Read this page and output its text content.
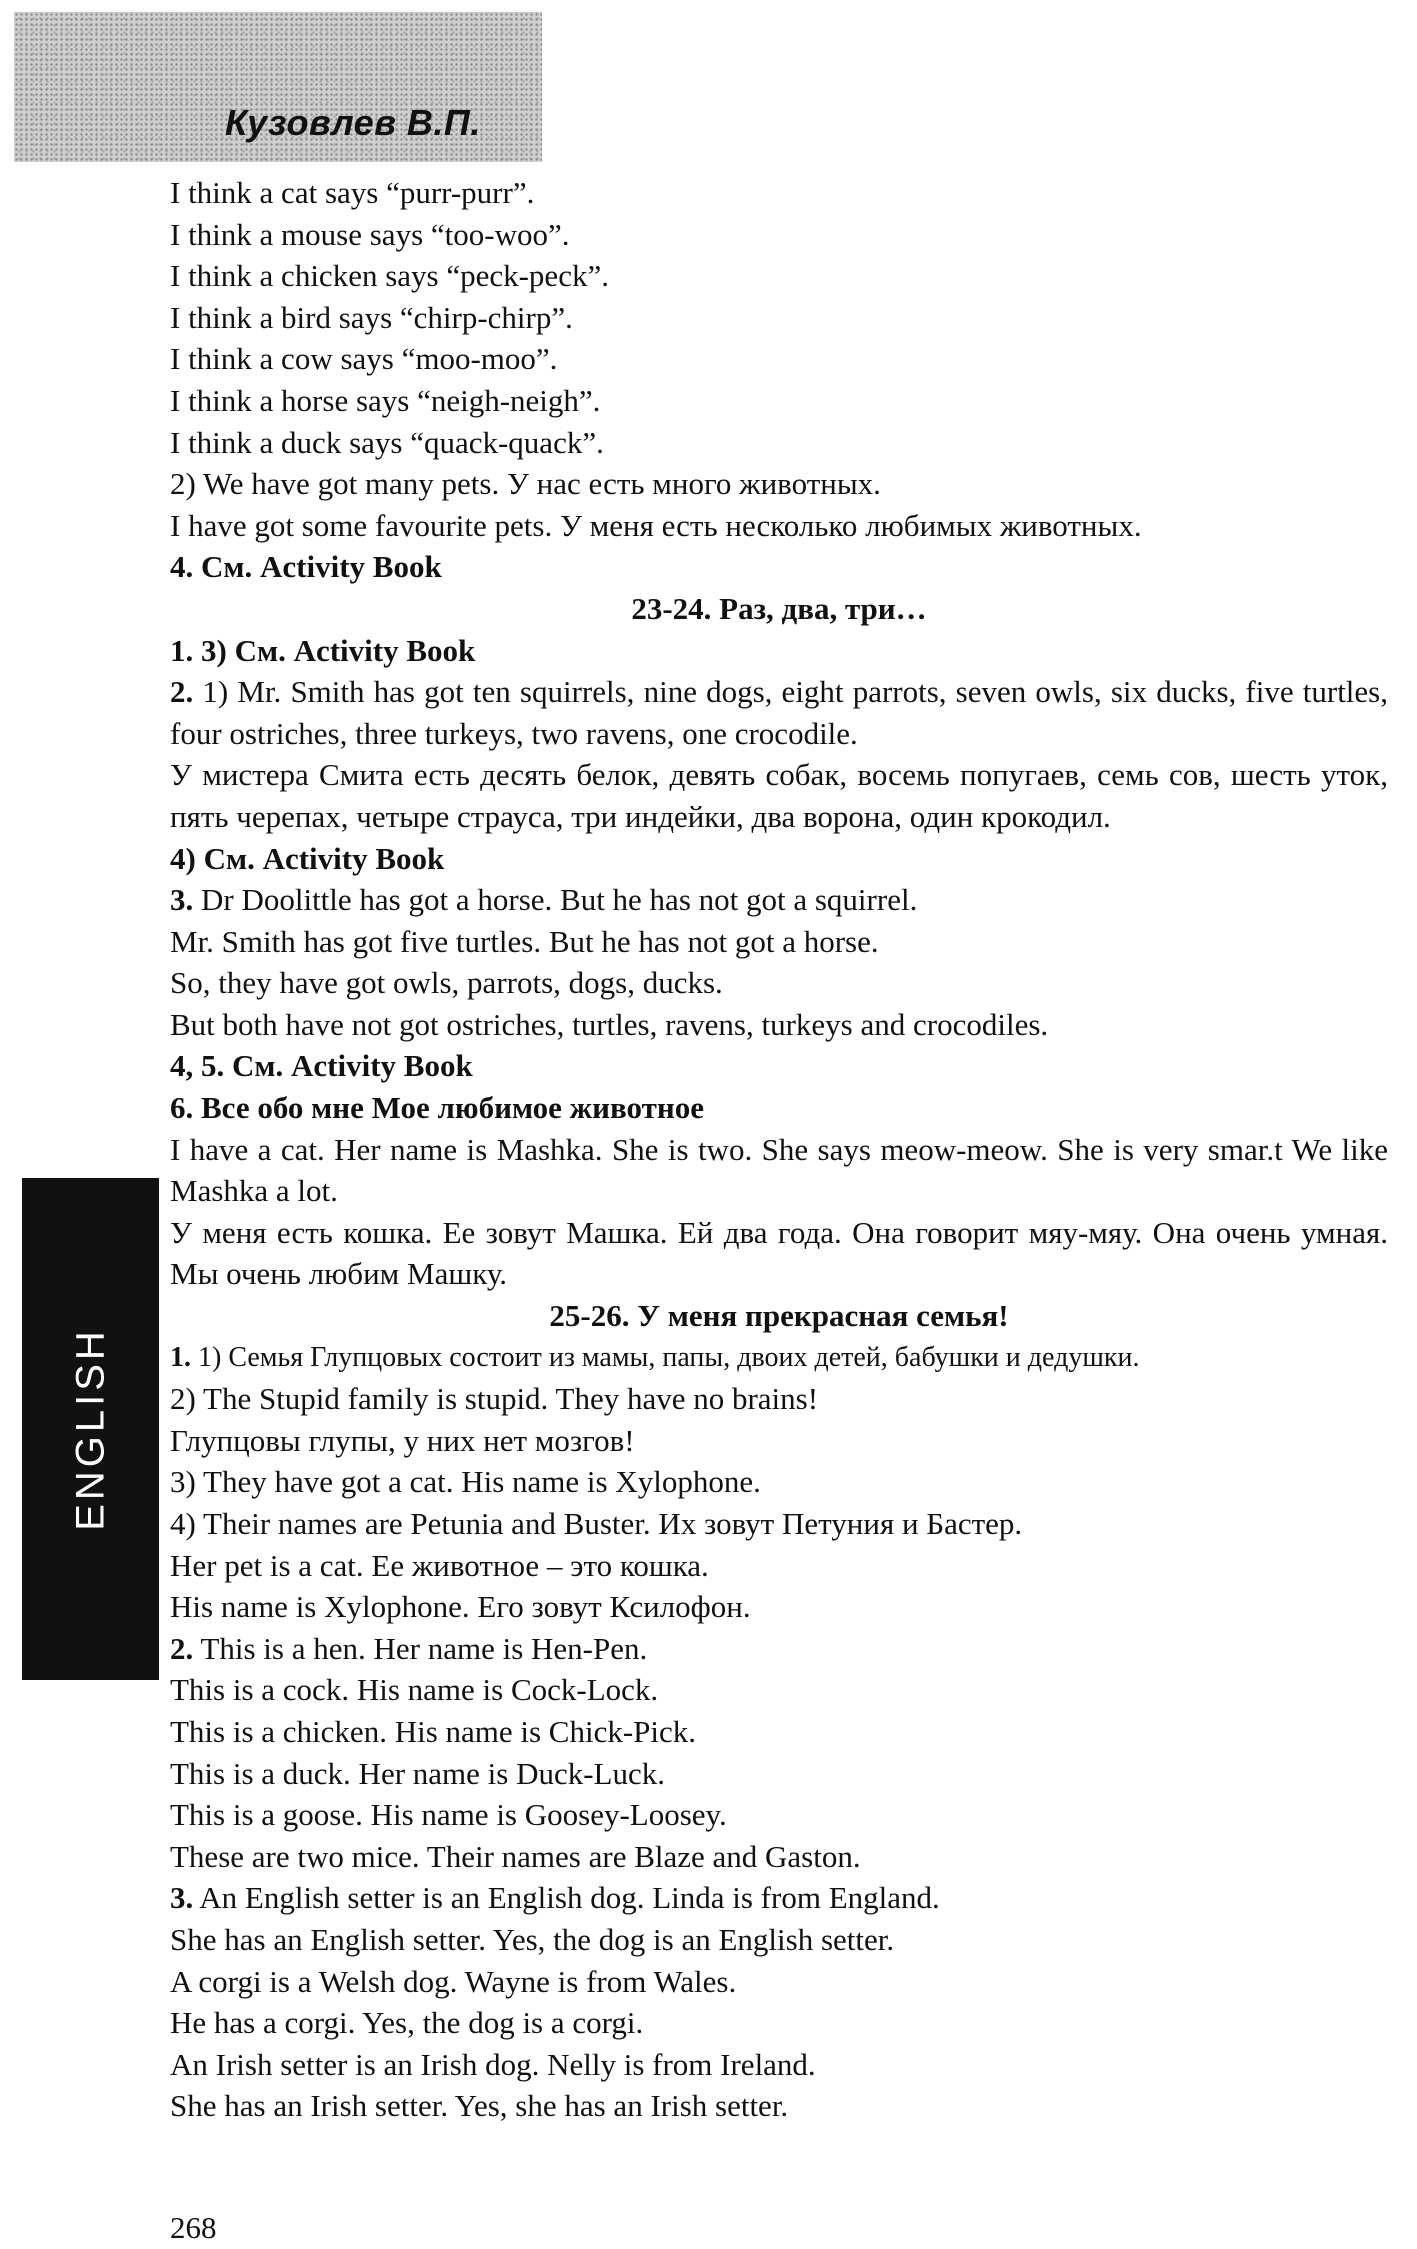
Кузовлев В.П.
ENGLISH
I think a cat says “purr-purr”.
I think a mouse says “too-woo”.
I think a chicken says “peck-peck”.
I think a bird says “chirp-chirp”.
I think a cow says “moo-moo”.
I think a horse says “neigh-neigh”.
I think a duck says “quack-quack”.
2) We have got many pets. У нас есть много животных.
I have got some favourite pets. У меня есть несколько любимых животных.
4. См. Activity Book
23-24. Раз, два, три…
1. 3) См. Activity Book
2. 1) Mr. Smith has got ten squirrels, nine dogs, eight parrots, seven owls, six ducks, five turtles, four ostriches, three turkeys, two ravens, one crocodile.
У мистера Смита есть десять белок, девять собак, восемь попугаев, семь сов, шесть уток, пять черепах, четыре страуса, три индейки, два ворона, один крокодил.
4) См. Activity Book
3. Dr Doolittle has got a horse. But he has not got a squirrel.
Mr. Smith has got five turtles. But he has not got a horse.
So, they have got owls, parrots, dogs, ducks.
But both have not got ostriches, turtles, ravens, turkeys and crocodiles.
4, 5. См. Activity Book
6. Все обо мне Мое любимое животное
I have a cat. Her name is Mashka. She is two. She says meow-meow. She is very smar.t We like Mashka a lot.
У меня есть кошка. Ее зовут Машка. Ей два года. Она говорит мяу-мяу. Она очень умная. Мы очень любим Машку.
25-26. У меня прекрасная семья!
1. 1) Семья Глупцовых состоит из мамы, папы, двоих детей, бабушки и дедушки.
2) The Stupid family is stupid. They have no brains!
Глупцовы глупы, у них нет мозгов!
3) They have got a cat. His name is Xylophone.
4) Their names are Petunia and Buster. Их зовут Петуния и Бастер.
Her pet is a cat. Ее животное – это кошка.
His name is Xylophone. Его зовут Ксилофон.
2. This is a hen. Her name is Hen-Pen.
This is a cock. His name is Cock-Lock.
This is a chicken. His name is Chick-Pick.
This is a duck. Her name is Duck-Luck.
This is a goose. His name is Goosey-Loosey.
These are two mice. Their names are Blaze and Gaston.
3. An English setter is an English dog. Linda is from England.
She has an English setter. Yes, the dog is an English setter.
A corgi is a Welsh dog. Wayne is from Wales.
He has a corgi. Yes, the dog is a corgi.
An Irish setter is an Irish dog. Nelly is from Ireland.
She has an Irish setter. Yes, she has an Irish setter.
268
